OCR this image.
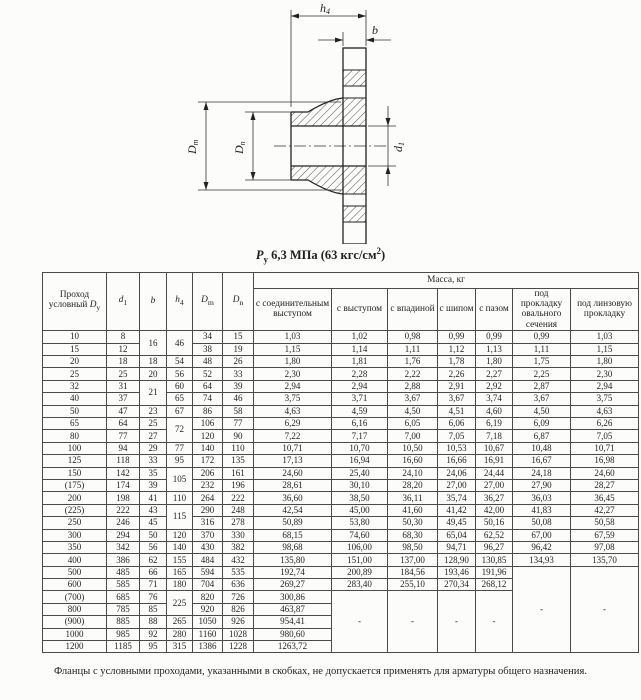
h4
b
Dm
Dn
d1
$Р_у$ 6,3 МПа (63 кгс/$см^2$)
Проход условный $D_у$	$d_1$	b	$h_4$	$D_m$	$D_n$	Масса, кг						
						с соединительным выступом	с выступом	с впадиной	с шипом	с пазом	под прокладку овального сечения	под линзовую прокладку
10	8	16	46	34	15	1,03	1,02	0,98	0,99	0,99	0,99	1,03
15	12			38	19	1,15	1,14	1,11	1,12	1,13	1,11	1,15
20	18	18	54	48	26	1,80	1,81	1,76	1,78	1,80	1,75	1,80
25	25	20	56	52	33	2,30	2,28	2,22	2,26	2,27	2,25	2,30
32	31	21	60	64	39	2,94	2,94	2,88	2,91	2,92	2,87	2,94
40	37		65	74	46	3,75	3,71	3,67	3,67	3,74	3,67	3,75
50	47	23	67	86	58	4,63	4,59	4,50	4,51	4,60	4,50	4,63
65	64	25	72	106	77	6,29	6,16	6,05	6,06	6,19	6,09	6,26
80	77	27		120	90	7,22	7,17	7,00	7,05	7,18	6,87	7,05
100	94	29	77	140	110	10,71	10,70	10,50	10,53	10,67	10,48	10,71
125	118	33	95	172	135	17,13	16,94	16,60	16,66	16,91	16,67	16,98
150	142	35	105	206	161	24,60	25,40	24,10	24,06	24,44	24,18	24,60
(175)	174	39		232	196	28,61	30,10	28,20	27,00	27,00	27,90	28,27
200	198	41	110	264	222	36,60	38,50	36,11	35,74	36,27	36,03	36,45
(225)	222	43	115	290	248	42,54	45,00	41,60	41,42	42,00	41,83	42,27
250	246	45		316	278	50,89	53,80	50,30	49,45	50,16	50,08	50,58
300	294	50	120	370	330	68,15	74,60	68,30	65,04	62,52	67,00	67,59
350	342	56	140	430	382	98,68	106,00	98,50	94,71	96,27	96,42	97,08
400	386	62	155	484	432	135,80	151,00	137,00	128,90	130,85	134,93	135,70
500	485	66	165	594	535	192,74	200,89	184,56	193,46	191,96	-	-
600	585	71	180	704	636	269,27	283,40	255,10	270,34	268,12		
(700)	685	76	225	820	726	300,86	-	-	-	-		
800	785	85		920	826	463,87						
(900)	885	88	265	1050	926	954,41						
1000	985	92	280	1160	1028	980,60						
1200	1185	95	315	1386	1228	1263,72						
Фланцы с условными проходами, указанными в скобках, не допускается применять для арматуры общего назначения.
